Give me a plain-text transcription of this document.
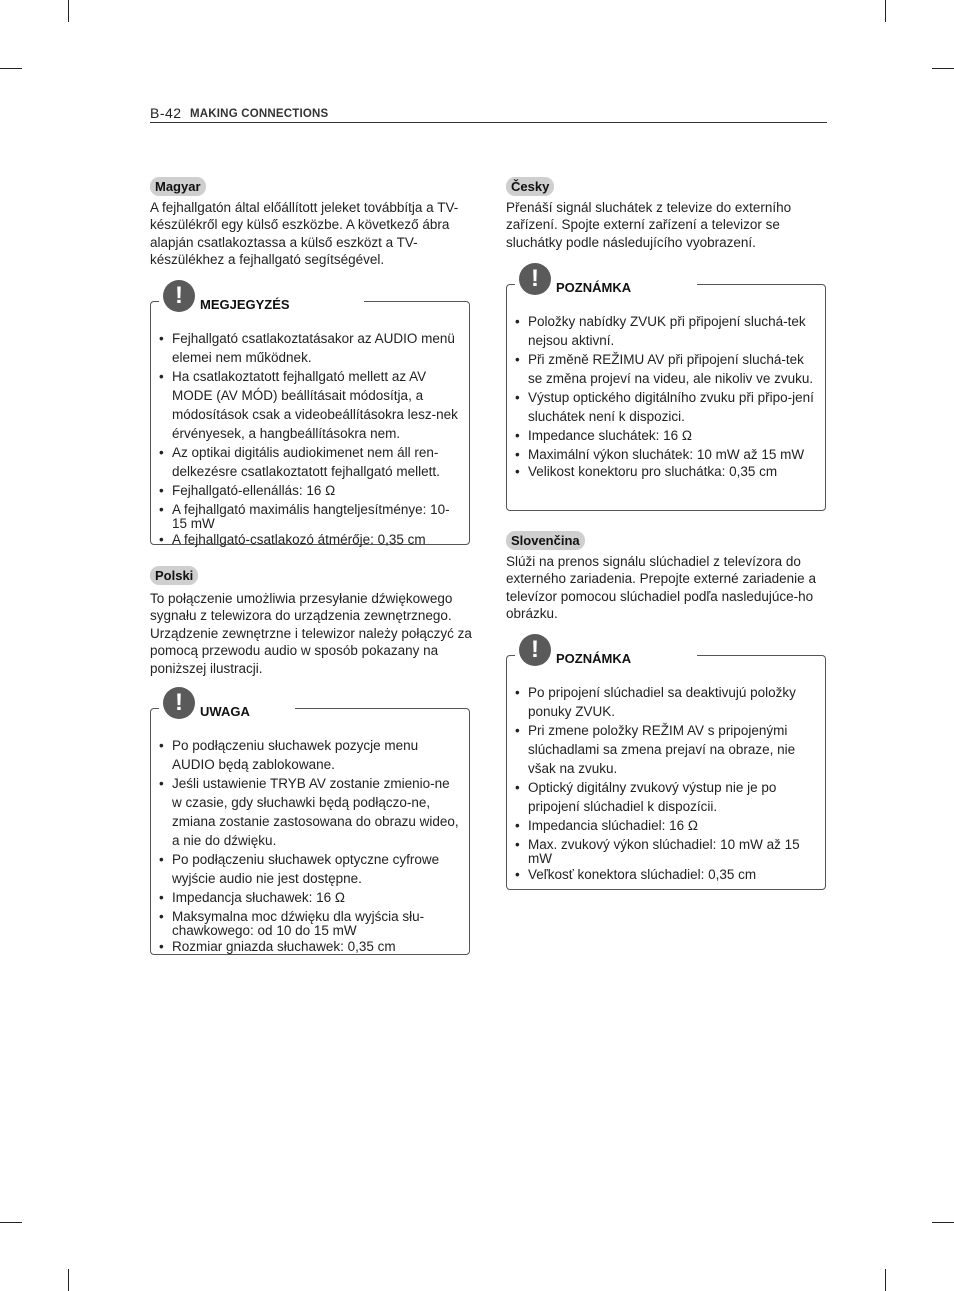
B-42 MAKING CONNECTIONS
Magyar
A fejhallgatón által előállított jeleket továbbítja a TV-készülékről egy külső eszközbe. A következő ábra alapján csatlakoztassa a külső eszközt a TV-készülékhez a fejhallgató segítségével.
!	MEGJEGYZÉS
• Fejhallgató csatlakoztatásakor az AUDIO menü elemei nem működnek.
• Ha csatlakoztatott fejhallgató mellett az AV MODE (AV MÓD) beállításait módosítja, a módosítások csak a videobeállításokra lesz-nek érvényesek, a hangbeállításokra nem.
• Az optikai digitális audiokimenet nem áll ren-delkezésre csatlakoztatott fejhallgató mellett.
• Fejhallgató-ellenállás: 16 Ω
• A fejhallgató maximális hangteljesítménye: 10-15 mW
• A fejhallgató-csatlakozó átmérője: 0,35 cm
Polski
To połączenie umożliwia przesyłanie dźwiękowego sygnału z telewizora do urządzenia zewnętrznego. Urządzenie zewnętrzne i telewizor należy połączyć za pomocą przewodu audio w sposób pokazany na poniższej ilustracji.
!	UWAGA
• Po podłączeniu słuchawek pozycje menu AUDIO będą zablokowane.
• Jeśli ustawienie TRYB AV zostanie zmienio-ne w czasie, gdy słuchawki będą podłączo-ne, zmiana zostanie zastosowana do obrazu wideo, a nie do dźwięku.
• Po podłączeniu słuchawek optyczne cyfrowe wyjście audio nie jest dostępne.
• Impedancja słuchawek: 16 Ω
• Maksymalna moc dźwięku dla wyjścia słu-chawkowego: od 10 do 15 mW
• Rozmiar gniazda słuchawek: 0,35 cm
Česky
Přenáší signál sluchátek z televize do externího zařízení. Spojte externí zařízení a televizor se sluchátky podle následujícího vyobrazení.
!	POZNÁMKA
• Položky nabídky ZVUK při připojení sluchá-tek nejsou aktivní.
• Při změně REŽIMU AV při připojení sluchá-tek se změna projeví na videu, ale nikoliv ve zvuku.
• Výstup optického digitálního zvuku při připo-jení sluchátek není k dispozici.
• Impedance sluchátek: 16 Ω
• Maximální výkon sluchátek: 10 mW až 15 mW
• Velikost konektoru pro sluchátka: 0,35 cm
Slovenčina
Slúži na prenos signálu slúchadiel z televízora do externého zariadenia. Prepojte externé zariadenie a televízor pomocou slúchadiel podľa nasledujúce-ho obrázku.
!	POZNÁMKA
• Po pripojení slúchadiel sa deaktivujú položky ponuky ZVUK.
• Pri zmene položky REŽIM AV s pripojenými slúchadlami sa zmena prejaví na obraze, nie však na zvuku.
• Optický digitálny zvukový výstup nie je po pripojení slúchadiel k dispozícii.
• Impedancia slúchadiel: 16 Ω
• Max. zvukový výkon slúchadiel: 10 mW až 15 mW
• Veľkosť konektora slúchadiel: 0,35 cm
